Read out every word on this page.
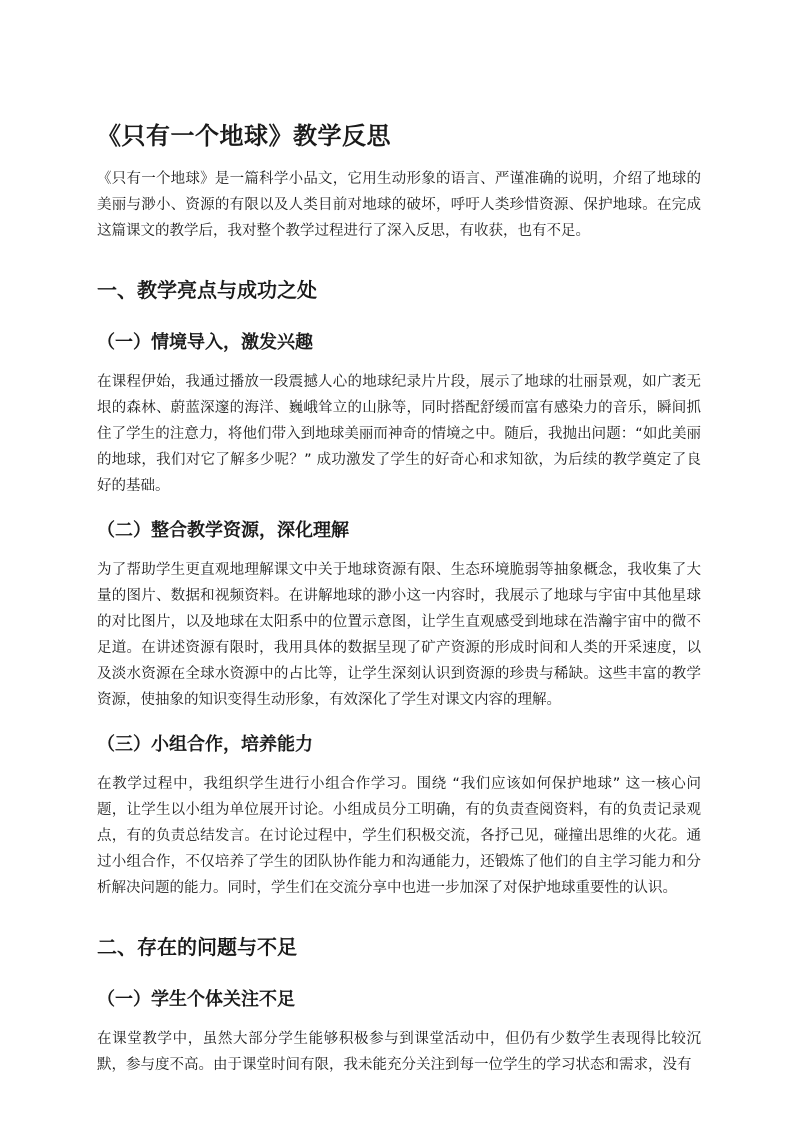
《只有一个地球》教学反思

《只有一个地球》是一篇科学小品文，它用生动形象的语言、严谨准确的说明，介绍了地球的美丽与渺小、资源的有限以及人类目前对地球的破坏，呼吁人类珍惜资源、保护地球。在完成这篇课文的教学后，我对整个教学过程进行了深入反思，有收获，也有不足。

一、教学亮点与成功之处
（一）情境导入，激发兴趣

在课程伊始，我通过播放一段震撼人心的地球纪录片片段，展示了地球的壮丽景观，如广袤无垠的森林、蔚蓝深邃的海洋、巍峨耸立的山脉等，同时搭配舒缓而富有感染力的音乐，瞬间抓住了学生的注意力，将他们带入到地球美丽而神奇的情境之中。随后，我抛出问题：“如此美丽的地球，我们对它了解多少呢？” 成功激发了学生的好奇心和求知欲，为后续的教学奠定了良好的基础。

（二）整合教学资源，深化理解

为了帮助学生更直观地理解课文中关于地球资源有限、生态环境脆弱等抽象概念，我收集了大量的图片、数据和视频资料。在讲解地球的渺小这一内容时，我展示了地球与宇宙中其他星球的对比图片，以及地球在太阳系中的位置示意图，让学生直观感受到地球在浩瀚宇宙中的微不足道。在讲述资源有限时，我用具体的数据呈现了矿产资源的形成时间和人类的开采速度，以及淡水资源在全球水资源中的占比等，让学生深刻认识到资源的珍贵与稀缺。这些丰富的教学资源，使抽象的知识变得生动形象，有效深化了学生对课文内容的理解。

（三）小组合作，培养能力

在教学过程中，我组织学生进行小组合作学习。围绕 “我们应该如何保护地球” 这一核心问题，让学生以小组为单位展开讨论。小组成员分工明确，有的负责查阅资料，有的负责记录观点，有的负责总结发言。在讨论过程中，学生们积极交流，各抒己见，碰撞出思维的火花。通过小组合作，不仅培养了学生的团队协作能力和沟通能力，还锻炼了他们的自主学习能力和分析解决问题的能力。同时，学生们在交流分享中也进一步加深了对保护地球重要性的认识。

二、存在的问题与不足
（一）学生个体关注不足

在课堂教学中，虽然大部分学生能够积极参与到课堂活动中，但仍有少数学生表现得比较沉默，参与度不高。由于课堂时间有限，我未能充分关注到每一位学生的学习状态和需求，没有
